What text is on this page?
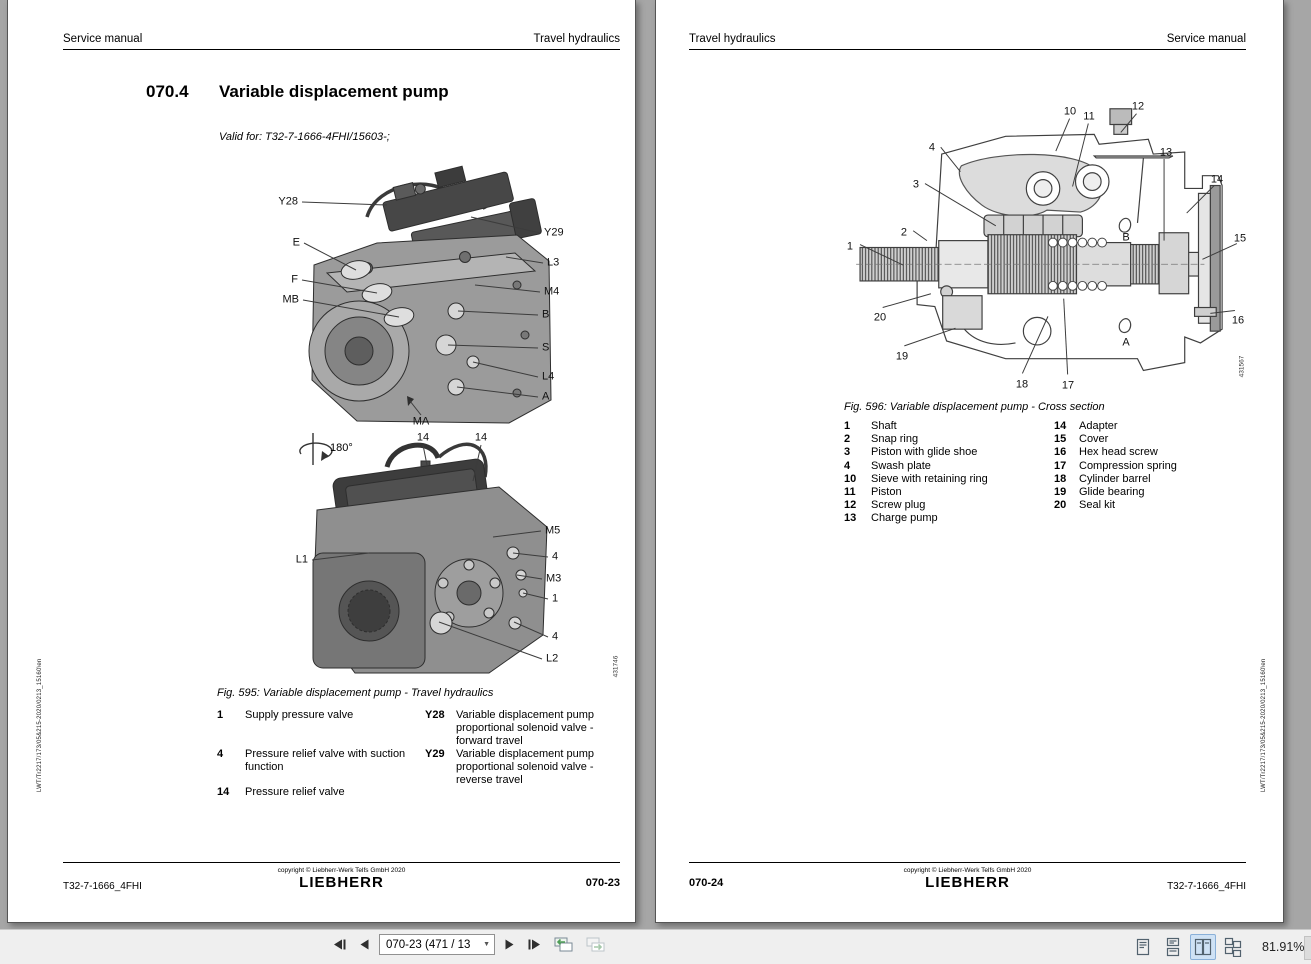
Service manual	Travel hydraulics
070.4 Variable displacement pump
Valid for: T32-7-1666-4FHI/15603-;
180°
431746
Y28
E
F
MB
Y29
L3
M4
B
S
L4
A
MA
14	14
M5
4
M3
1
4
L2
L1
Fig. 595: Variable displacement pump - Travel hydraulics
1	Supply pressure valve
4	Pressure relief valve with suction function
14	Pressure relief valve
Y28	Variable displacement pump proportional solenoid valve - forward travel
Y29	Variable displacement pump proportional solenoid valve - reverse travel
copyright © Liebherr-Werk Telfs GmbH 2020
LIEBHERR
T32-7-1666_4FHI	070-23
LWT/Tr2217/173/05&215-2020/0213_15160\en
Travel hydraulics	Service manual
431567
10 11
12
4	13
3	14
2
1
15
20	16
19
18	17
B
A
Fig. 596: Variable displacement pump - Cross section
1	Shaft
2	Snap ring
3	Piston with glide shoe
4	Swash plate
10	Sieve with retaining ring
11	Piston
12	Screw plug
13	Charge pump
14	Adapter
15	Cover
16	Hex head screw
17	Compression spring
18	Cylinder barrel
19	Glide bearing
20	Seal kit
copyright © Liebherr-Werk Telfs GmbH 2020
LIEBHERR
070-24	T32-7-1666_4FHI
LWT/Tr2217/173/05&215-2020/0213_15160\en
070-23 (471 / 13 ▼	81.91%
